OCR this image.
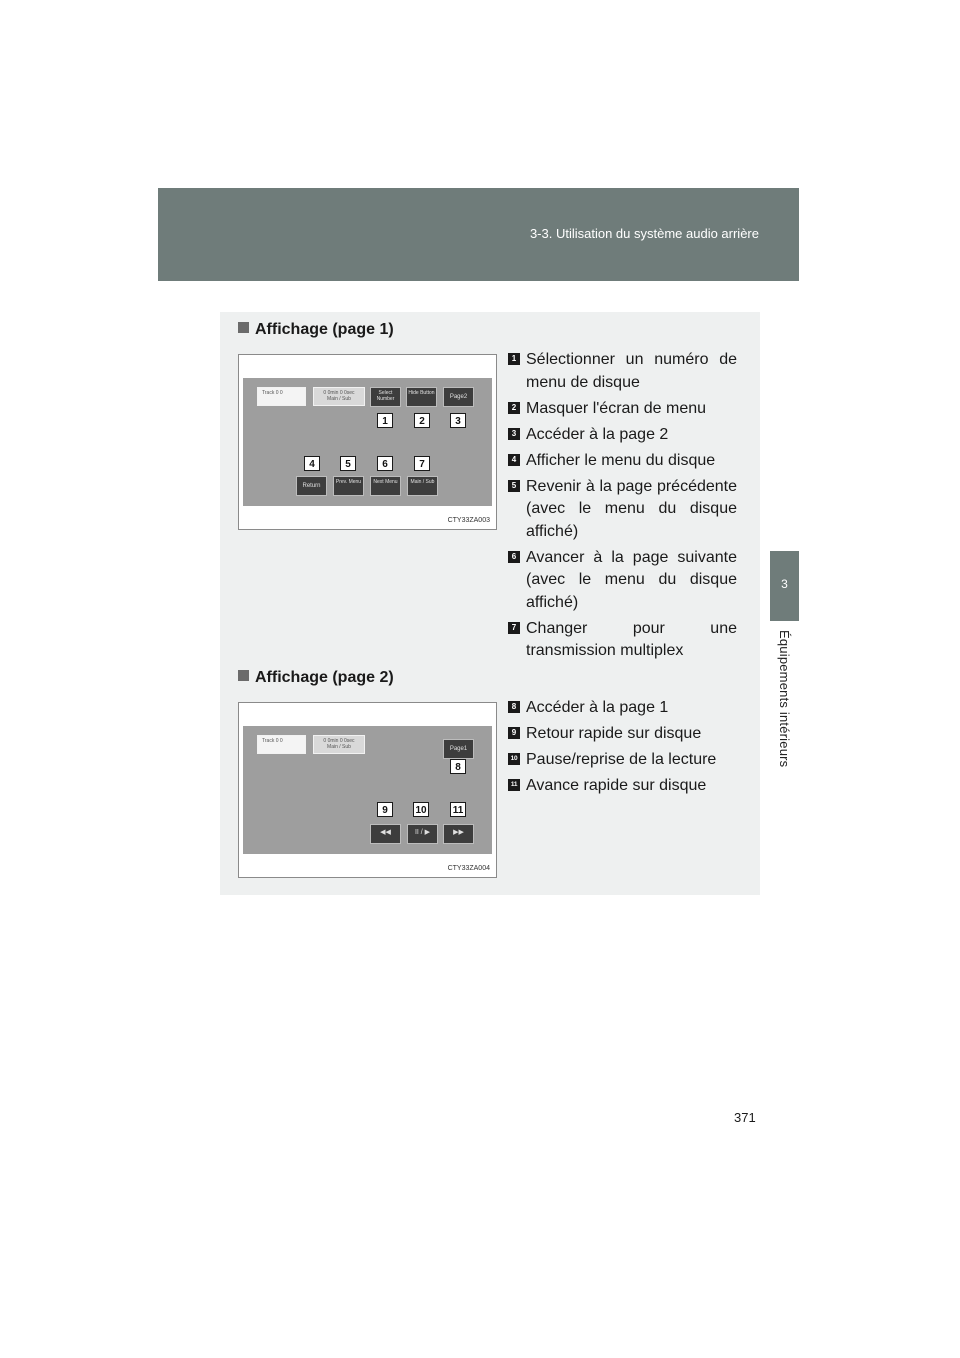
3-3. Utilisation du système audio arrière
3
Équipements intérieurs
Affichage (page 1)
Track 0 0	0 0min 0 0sec
Main / Sub
Select Number
Hide Button
Page2
1	2	3
4	5	6	7
Return
Prev. Menu	Next Menu	Main / Sub
CTY33ZA003
1 Sélectionner un numéro de menu de disque
2 Masquer l'écran de menu
3 Accéder à la page 2
4 Afficher le menu du disque
5 Revenir à la page précédente (avec le menu du disque affiché)
6 Avancer à la page suivante (avec le menu du disque affiché)
7 Changer pour une transmission multiplex
Affichage (page 2)
Track 0 0	0 0min 0 0sec
Main / Sub	Page1
8
9	10	11
◀◀	II / ▶	▶▶
CTY33ZA004
8 Accéder à la page 1
9 Retour rapide sur disque
10 Pause/reprise de la lecture
11 Avance rapide sur disque
371
